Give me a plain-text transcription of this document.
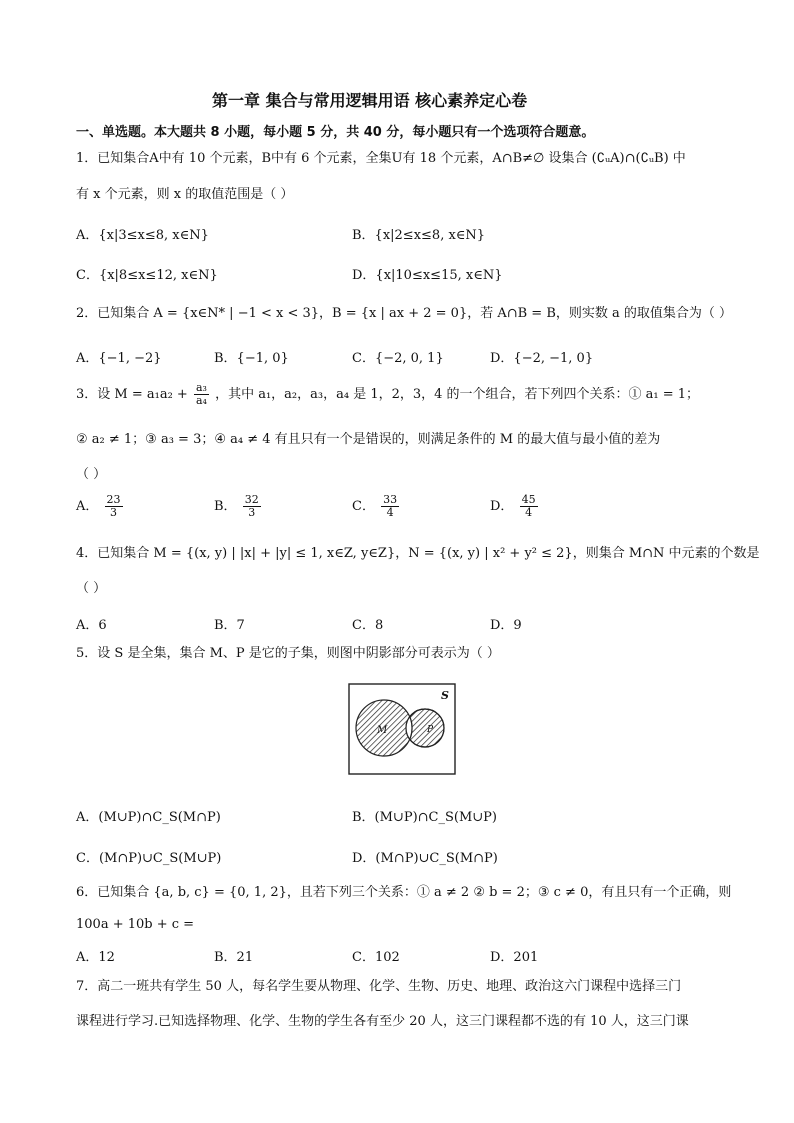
第一章 集合与常用逻辑用语 核心素养定心卷
一、单选题。本大题共 8 小题，每小题 5 分，共 40 分，每小题只有一个选项符合题意。
1．已知集合A中有 10 个元素，B中有 6 个元素，全集U有 18 个元素，A∩B≠∅ 设集合 (∁ᵤA)∩(∁ᵤB) 中
有 x 个元素，则 x 的取值范围是（ ）
A．{x|3≤x≤8, x∈N}	B．{x|2≤x≤8, x∈N}
C．{x|8≤x≤12, x∈N}	D．{x|10≤x≤15, x∈N}
2．已知集合 A = {x∈N* | −1 < x < 3}，B = {x | ax + 2 = 0}，若 A∩B = B，则实数 a 的取值集合为（ ）
A．{−1, −2}	B．{−1, 0}	C．{−2, 0, 1}	D．{−2, −1, 0}
3．设 $M = a_1a_2 + \frac{\text{a₃}}{\text{a₄}}$ ，其中 a₁，a₂，a₃，a₄ 是 1，2，3，4 的一个组合，若下列四个关系：① a₁ = 1；
② a₂ ≠ 1；③ a₃ = 3；④ a₄ ≠ 4 有且只有一个是错误的，则满足条件的 M 的最大值与最小值的差为
（ ）
A． $\frac{23}{3}$	B． $\frac{32}{3}$	C． $\frac{33}{4}$	D． $\frac{45}{4}$
4．已知集合 M = {(x, y) | |x| + |y| ≤ 1, x∈Z, y∈Z}，N = {(x, y) | x² + y² ≤ 2}，则集合 M∩N 中元素的个数是
（ ）
A．6	B．7	C．8	D．9
5．设 S 是全集，集合 M、P 是它的子集，则图中阴影部分可表示为（ ）
S
M	P
A．(M∪P)∩C_S(M∩P)	B．(M∪P)∩C_S(M∪P)
C．(M∩P)∪C_S(M∪P)	D．(M∩P)∪C_S(M∩P)
6．已知集合 {a, b, c} = {0, 1, 2}，且若下列三个关系：① a ≠ 2 ② b = 2；③ c ≠ 0，有且只有一个正确，则
100a + 10b + c =
A．12	B．21	C．102	D．201
7．高二一班共有学生 50 人，每名学生要从物理、化学、生物、历史、地理、政治这六门课程中选择三门
课程进行学习.已知选择物理、化学、生物的学生各有至少 20 人，这三门课程都不选的有 10 人，这三门课
